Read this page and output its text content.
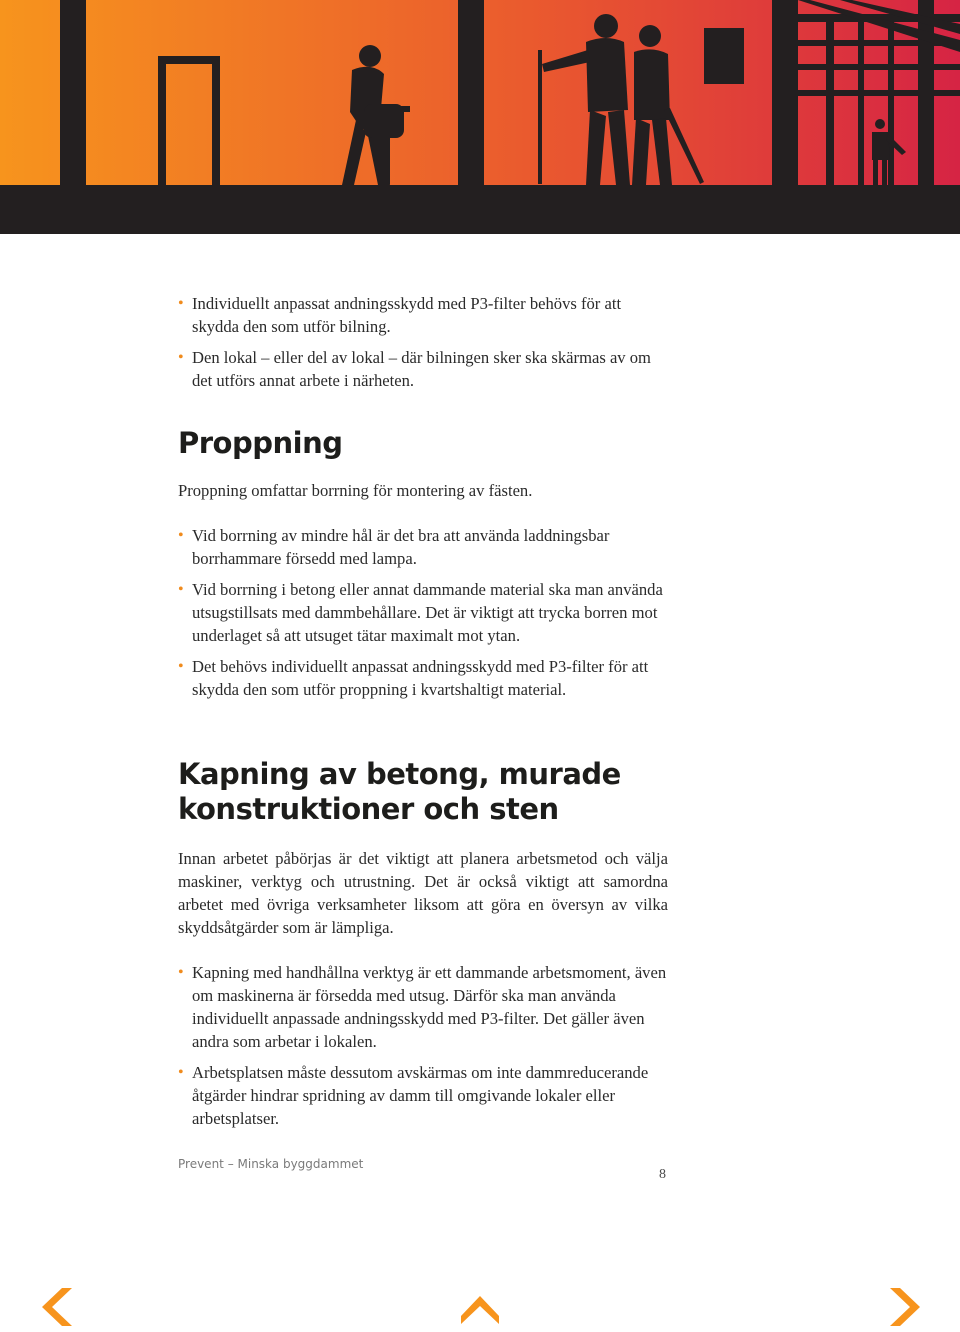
• Individuellt anpassat andningsskydd med P3-filter behövs för att skydda den som utför bilning.
• Den lokal – eller del av lokal – där bilningen sker ska skärmas av om det utförs annat arbete i närheten.
Proppning

Proppning omfattar borrning för montering av fästen.

• Vid borrning av mindre hål är det bra att använda laddningsbar borrhammare försedd med lampa.
• Vid borrning i betong eller annat dammande material ska man använda utsugstillsats med dammbehållare. Det är viktigt att trycka borren mot underlaget så att utsuget tätar maximalt mot ytan.
• Det behövs individuellt anpassat andningsskydd med P3-filter för att skydda den som utför proppning i kvartshaltigt material.
Kapning av betong, murade
konstruktioner och sten

Innan arbetet påbörjas är det viktigt att planera arbetsmetod och välja maskiner, verktyg och utrustning. Det är också viktigt att samordna arbetet med övriga verksamheter liksom att göra en översyn av vilka skyddsåtgärder som är lämpliga.

• Kapning med handhållna verktyg är ett dammande arbetsmoment, även om maskinerna är försedda med utsug. Därför ska man använda individuellt anpassade andningsskydd med P3-filter. Det gäller även andra som arbetar i lokalen.
• Arbetsplatsen måste dessutom avskärmas om inte dammreducerande åtgärder hindrar spridning av damm till omgivande lokaler eller arbetsplatser.
Prevent – Minska byggdammet
8
